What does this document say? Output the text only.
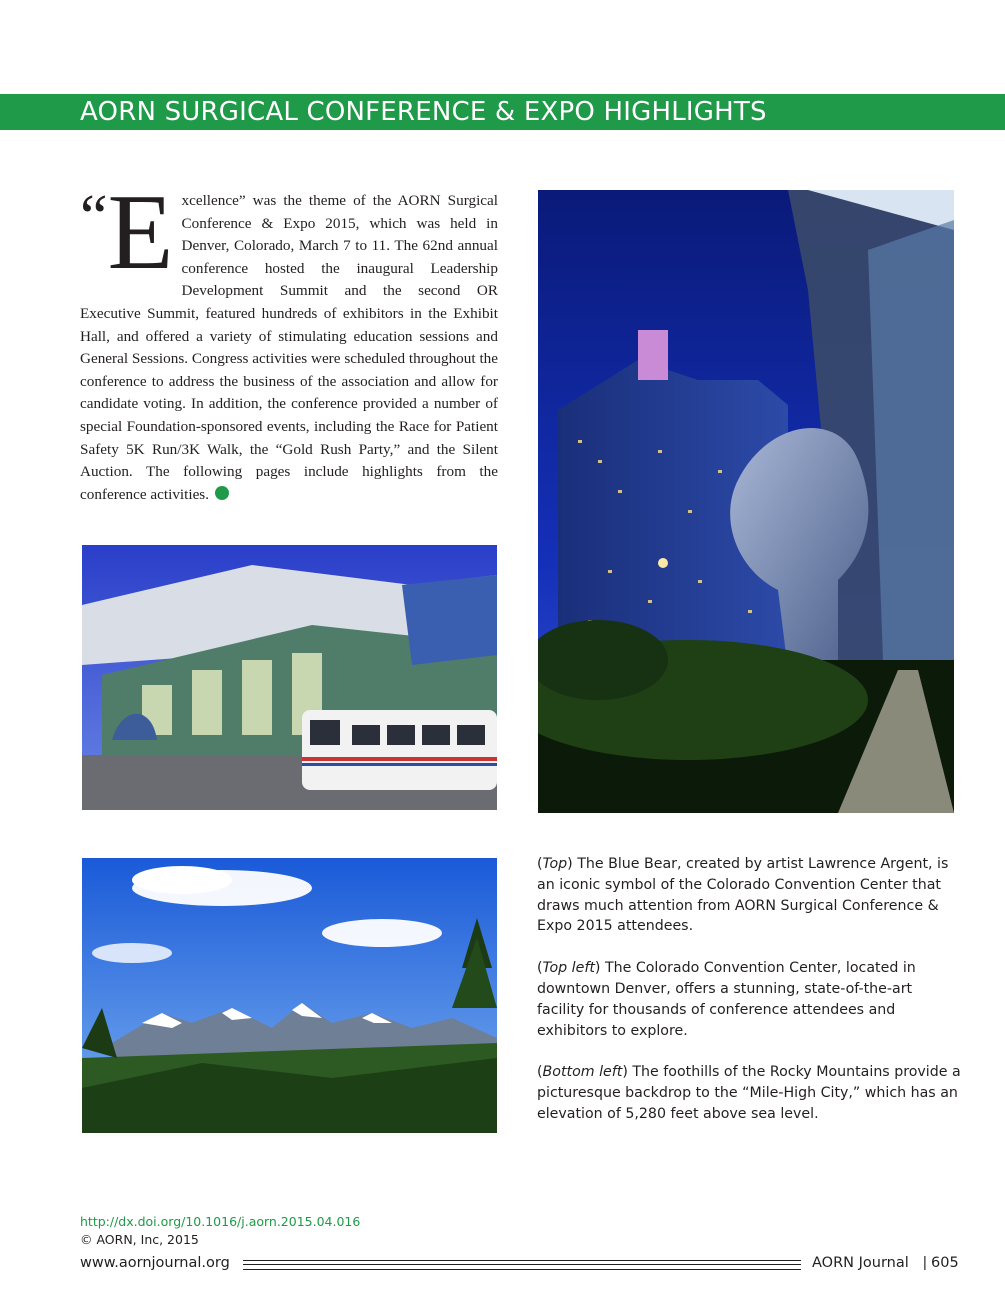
AORN SURGICAL CONFERENCE & EXPO HIGHLIGHTS
“E xcellence” was the theme of the AORN Surgical Conference & Expo 2015, which was held in Denver, Colorado, March 7 to 11. The 62nd annual conference hosted the inaugural Leadership Development Summit and the second OR Executive Summit, featured hundreds of exhibitors in the Exhibit Hall, and offered a variety of stimulating education sessions and General Sessions. Congress activities were scheduled throughout the conference to address the business of the association and allow for candidate voting. In addition, the conference provided a number of special Foundation-sponsored events, including the Race for Patient Safety 5K Run/3K Walk, the “Gold Rush Party,” and the Silent Auction. The following pages include highlights from the conference activities.

(Top) The Blue Bear, created by artist Lawrence Argent, is an iconic symbol of the Colorado Convention Center that draws much attention from AORN Surgical Conference & Expo 2015 attendees.

(Top left) The Colorado Convention Center, located in downtown Denver, offers a stunning, state-of-the-art facility for thousands of conference attendees and exhibitors to explore.

(Bottom left) The foothills of the Rocky Mountains provide a picturesque backdrop to the “Mile-High City,” which has an elevation of 5,280 feet above sea level.

http://dx.doi.org/10.1016/j.aorn.2015.04.016
© AORN, Inc, 2015
www.aornjournal.org	AORN Journal | 605
